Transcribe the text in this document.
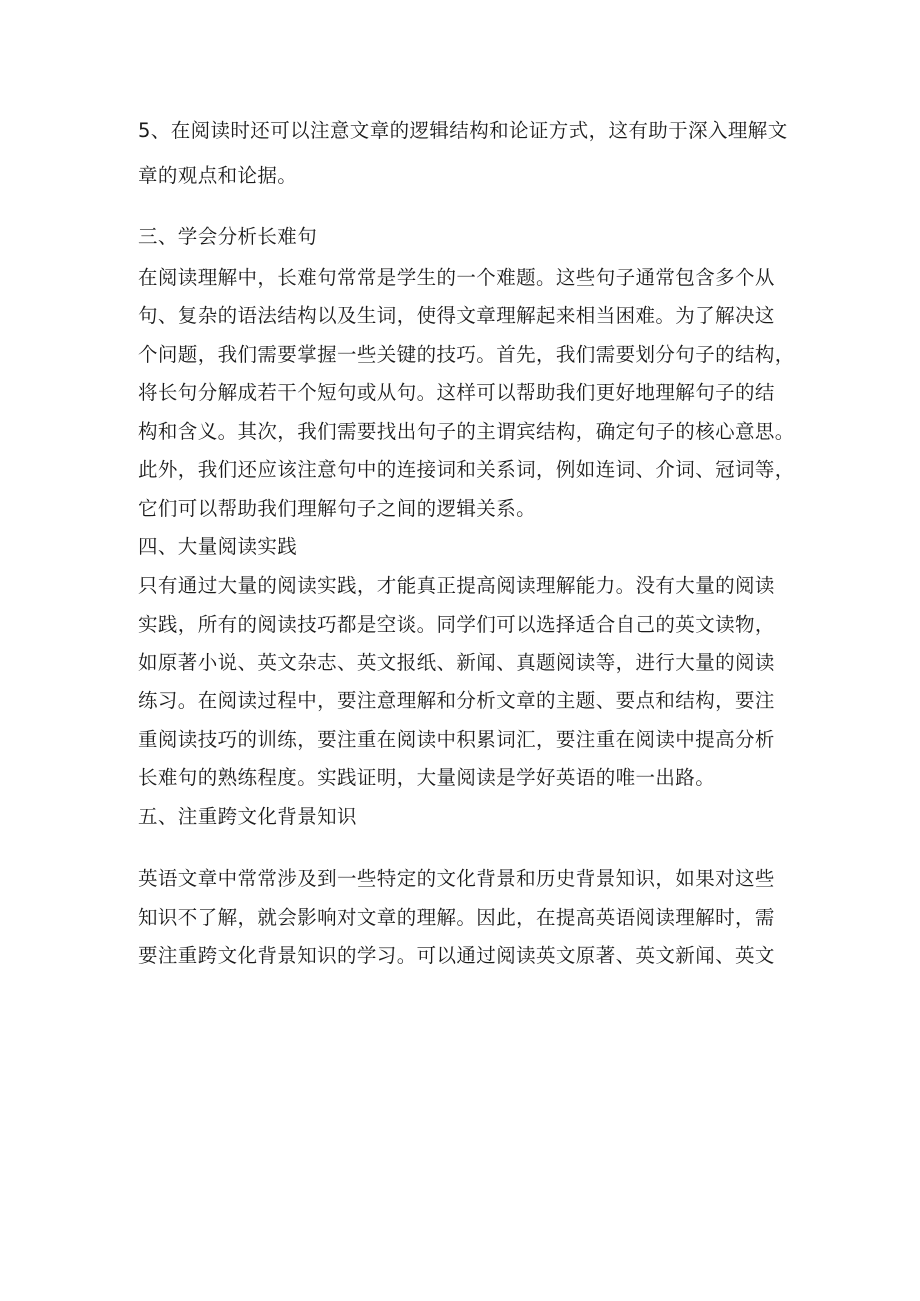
5、在阅读时还可以注意文章的逻辑结构和论证方式，这有助于深入理解文

章的观点和论据。

三、学会分析长难句

在阅读理解中，长难句常常是学生的一个难题。这些句子通常包含多个从

句、复杂的语法结构以及生词，使得文章理解起来相当困难。为了解决这

个问题，我们需要掌握一些关键的技巧。首先，我们需要划分句子的结构，

将长句分解成若干个短句或从句。这样可以帮助我们更好地理解句子的结

构和含义。其次，我们需要找出句子的主谓宾结构，确定句子的核心意思。

此外，我们还应该注意句中的连接词和关系词，例如连词、介词、冠词等，

它们可以帮助我们理解句子之间的逻辑关系。

四、大量阅读实践

只有通过大量的阅读实践，才能真正提高阅读理解能力。没有大量的阅读

实践，所有的阅读技巧都是空谈。同学们可以选择适合自己的英文读物，

如原著小说、英文杂志、英文报纸、新闻、真题阅读等，进行大量的阅读

练习。在阅读过程中，要注意理解和分析文章的主题、要点和结构，要注

重阅读技巧的训练，要注重在阅读中积累词汇，要注重在阅读中提高分析

长难句的熟练程度。实践证明，大量阅读是学好英语的唯一出路。

五、注重跨文化背景知识

英语文章中常常涉及到一些特定的文化背景和历史背景知识，如果对这些

知识不了解，就会影响对文章的理解。因此，在提高英语阅读理解时，需

要注重跨文化背景知识的学习。可以通过阅读英文原著、英文新闻、英文
